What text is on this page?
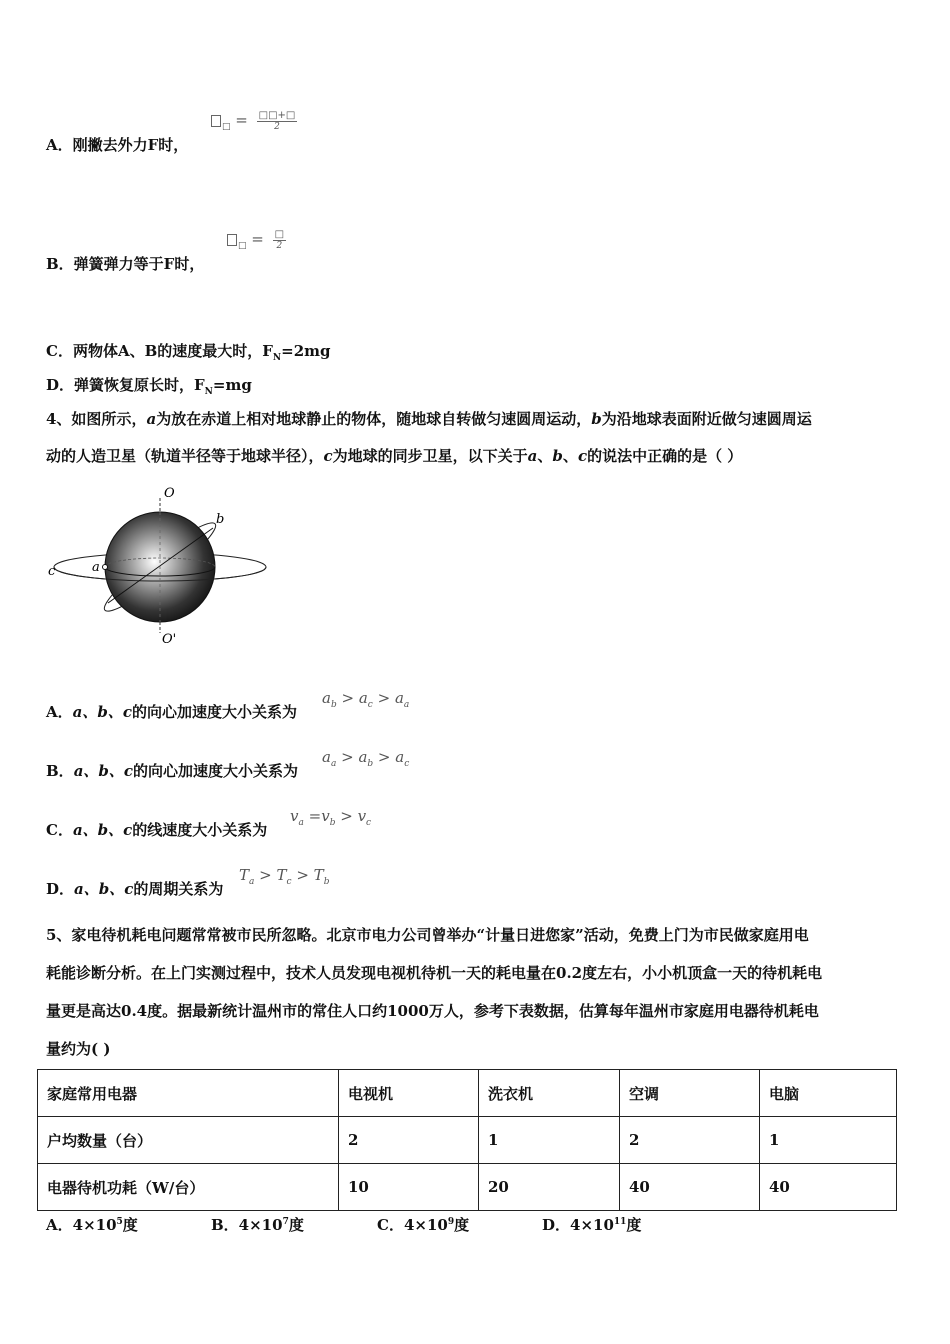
A．刚撇去外力F时，
$_□ = \frac{□□+□}{2}$
B．弹簧弹力等于F时，
$_□ = \frac{□}{2}$
C．两物体A、B的速度最大时，$F_N=2mg$
D．弹簧恢复原长时，$F_N=mg$
4、如图所示，a为放在赤道上相对地球静止的物体，随地球自转做匀速圆周运动，b为沿地球表面附近做匀速圆周运
动的人造卫星（轨道半径等于地球半径），c为地球的同步卫星，以下关于a、b、c的说法中正确的是（ ）
O
O'
a
b
c
A．a、b、c的向心加速度大小关系为
$a_b > a_c > a_a$
B．a、b、c的向心加速度大小关系为
$a_a > a_b > a_c$
C．a、b、c的线速度大小关系为
$v_a =v_b > v_c$
D．a、b、c的周期关系为
$T_a > T_c > T_b$
5、家电待机耗电问题常常被市民所忽略。北京市电力公司曾举办“计量日进您家”活动，免费上门为市民做家庭用电
耗能诊断分析。在上门实测过程中，技术人员发现电视机待机一天的耗电量在0.2度左右，小小机顶盒一天的待机耗电
量更是高达0.4度。据最新统计温州市的常住人口约1000万人，参考下表数据，估算每年温州市家庭用电器待机耗电
量约为( )
家庭常用电器	电视机	洗衣机	空调	电脑
户均数量（台）	2	1	2	1
电器待机功耗（W/台）	10	20	40	40
A．$4\times 10^5$度	B．$4\times 10^7$度	C．$4\times 10^9$度	D．$4\times 10^{11}$度
